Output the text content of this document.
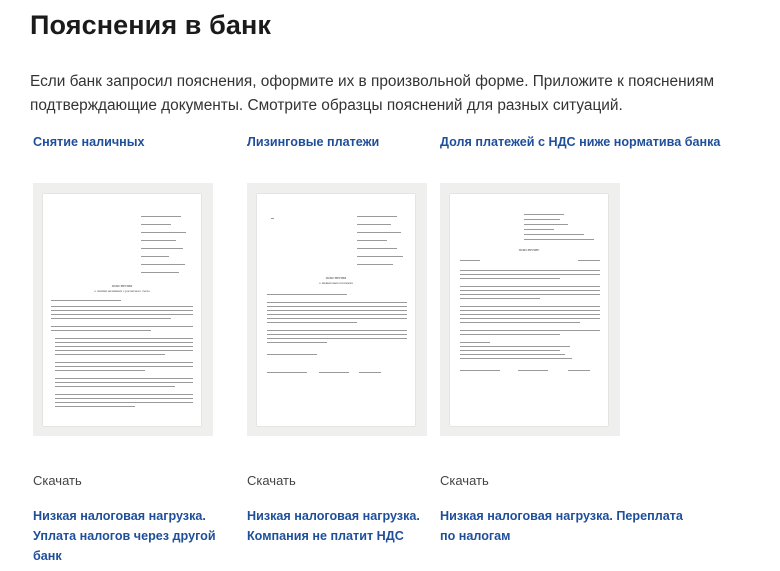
Пояснения в банк

Если банк запросил пояснения, оформите их в произвольной форме. Приложите к пояснениям подтверждающие документы. Смотрите образцы пояснений для разных ситуаций.

Снятие наличных
ПОЯСНЕНИЯ
о снятии наличных с расчетного счета
Скачать
Лизинговые платежи
ПОЯСНЕНИЯ
о лизинговых платежах
Скачать
Доля платежей с НДС ниже норматива банка
ПОЯСНЕНИЕ
Скачать
Низкая налоговая нагрузка.
Уплата налогов через другой
банк
Низкая налоговая нагрузка.
Компания не платит НДС
Низкая налоговая нагрузка. Переплата
по налогам
